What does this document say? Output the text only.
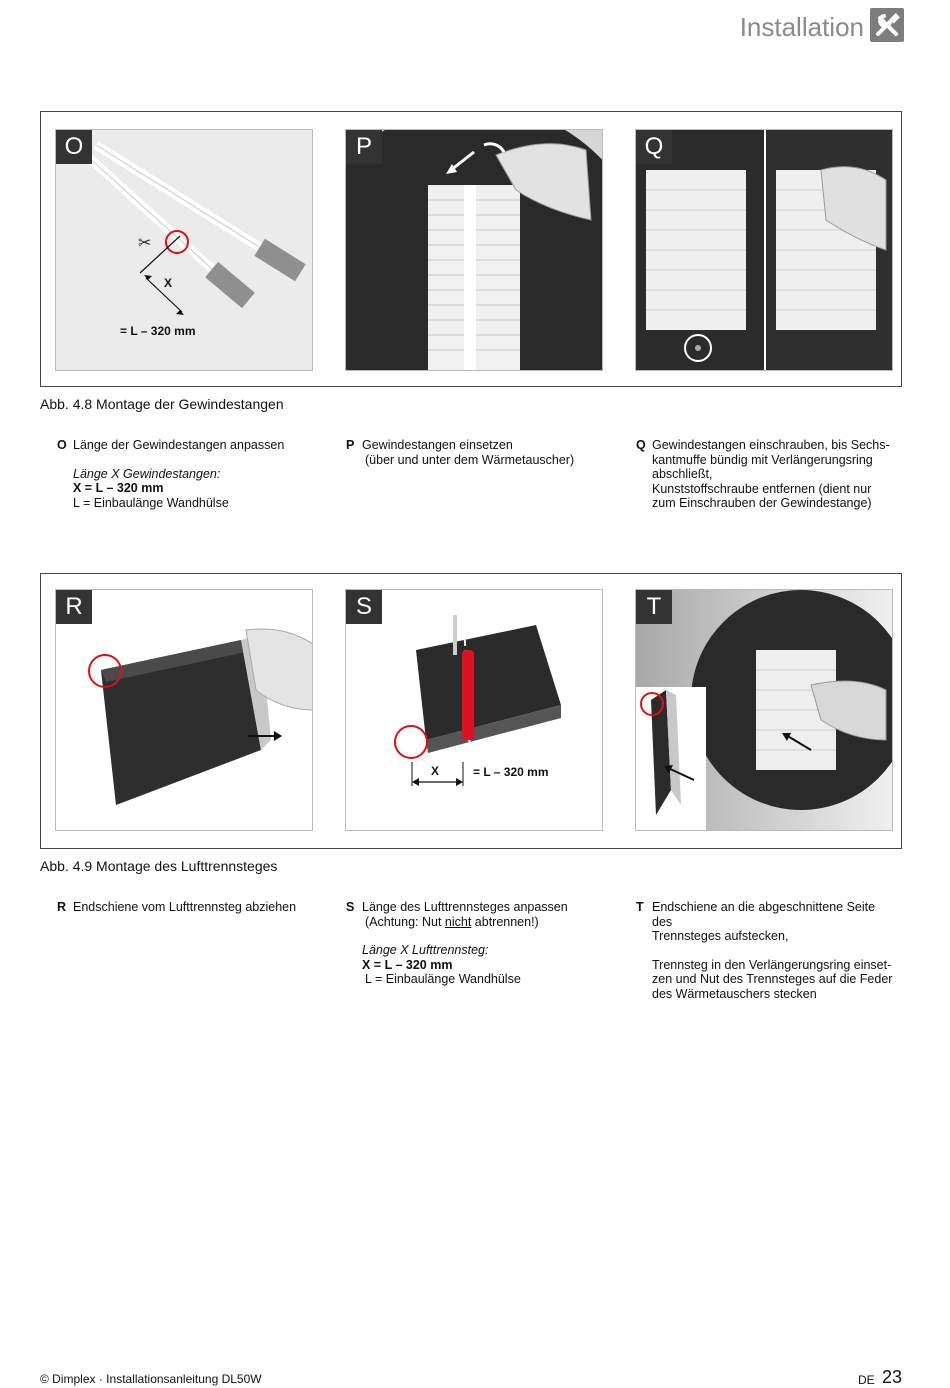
Installation
✂
O
X
= L – 320 mm
P	Q
Abb. 4.8 Montage der Gewindestangen
O Länge der Gewindestangen anpassen

Länge X Gewindestangen:

X = L – 320 mm

L = Einbaulänge Wandhülse

P Gewindestangen einsetzen

(über und unter dem Wärmetauscher)

Q Gewindestangen einschrauben, bis Sechs-

kantmuffe bündig mit Verlängerungsring

abschließt,

Kunststoffschraube entfernen (dient nur

zum Einschrauben der Gewindestange)

R	S
X	= L – 320 mm
T
Abb. 4.9 Montage des Lufttrennsteges
R Endschiene vom Lufttrennsteg abziehen	S Länge des Lufttrennsteges anpassen

(Achtung: Nut nicht abtrennen!)

Länge X Lufttrennsteg:

X = L – 320 mm

L = Einbaulänge Wandhülse

T Endschiene an die abgeschnittene Seite des

Trennsteges aufstecken,

Trennsteg in den Verlängerungsring einset-

zen und Nut des Trennsteges auf die Feder

des Wärmetauschers stecken

© Dimplex · Installationsanleitung DL50W	DE 23
